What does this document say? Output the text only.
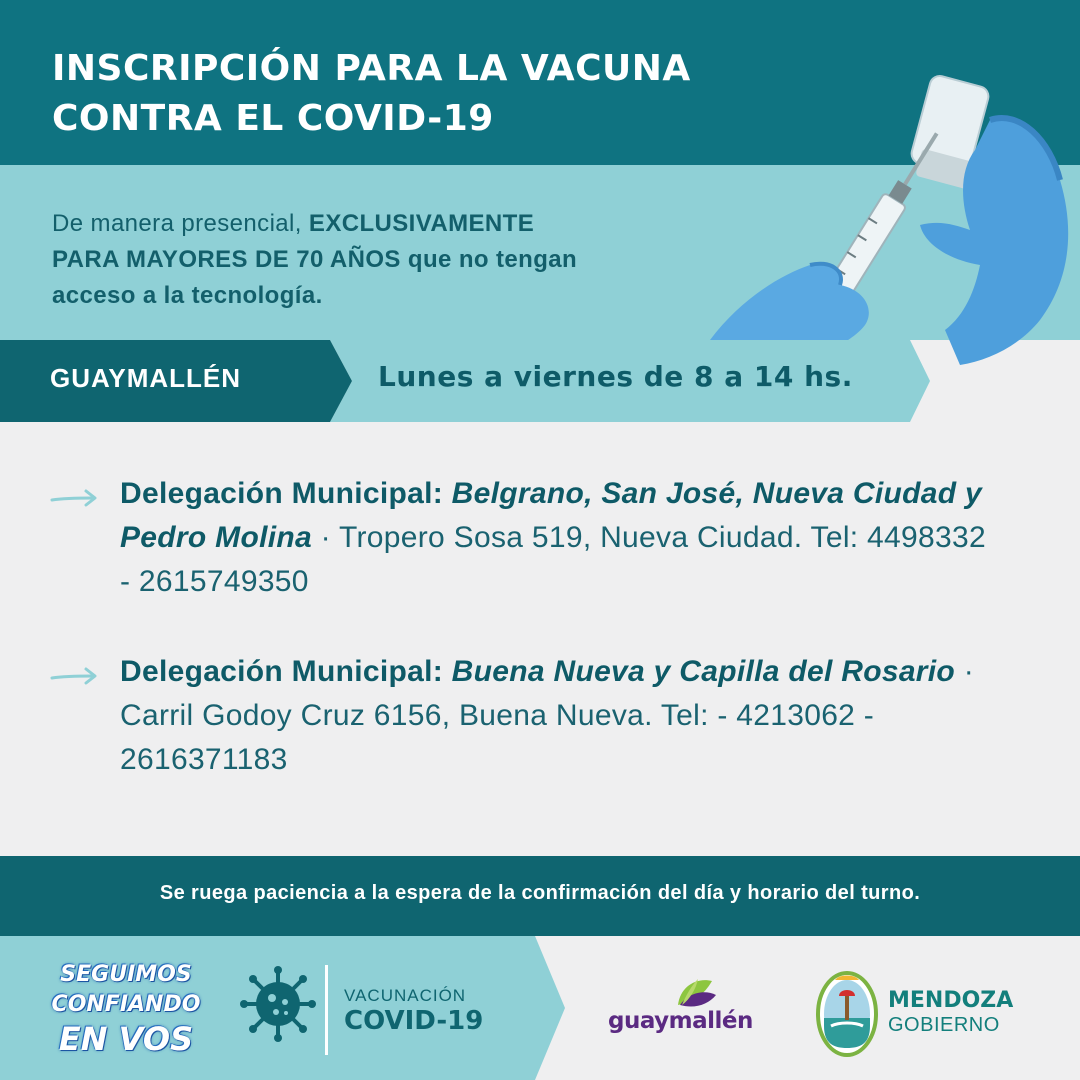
INSCRIPCIÓN PARA LA VACUNA
CONTRA EL COVID-19
De manera presencial, EXCLUSIVAMENTE
PARA MAYORES DE 70 AÑOS que no tengan
acceso a la tecnología.
GUAYMALLÉN	Lunes a viernes de 8 a 14 hs.
Delegación Municipal: Belgrano, San José, Nueva Ciudad y Pedro Molina · Tropero Sosa 519, Nueva Ciudad. Tel: 4498332 - 2615749350
Delegación Municipal: Buena Nueva y Capilla del Rosario · Carril Godoy Cruz 6156, Buena Nueva. Tel: - 4213062 - 2616371183
Se ruega paciencia a la espera de la confirmación del día y horario del turno.
SEGUIMOS
CONFIANDO
EN VOS
VACUNACIÓN
COVID-19	guaymallén
MENDOZA
GOBIERNO
